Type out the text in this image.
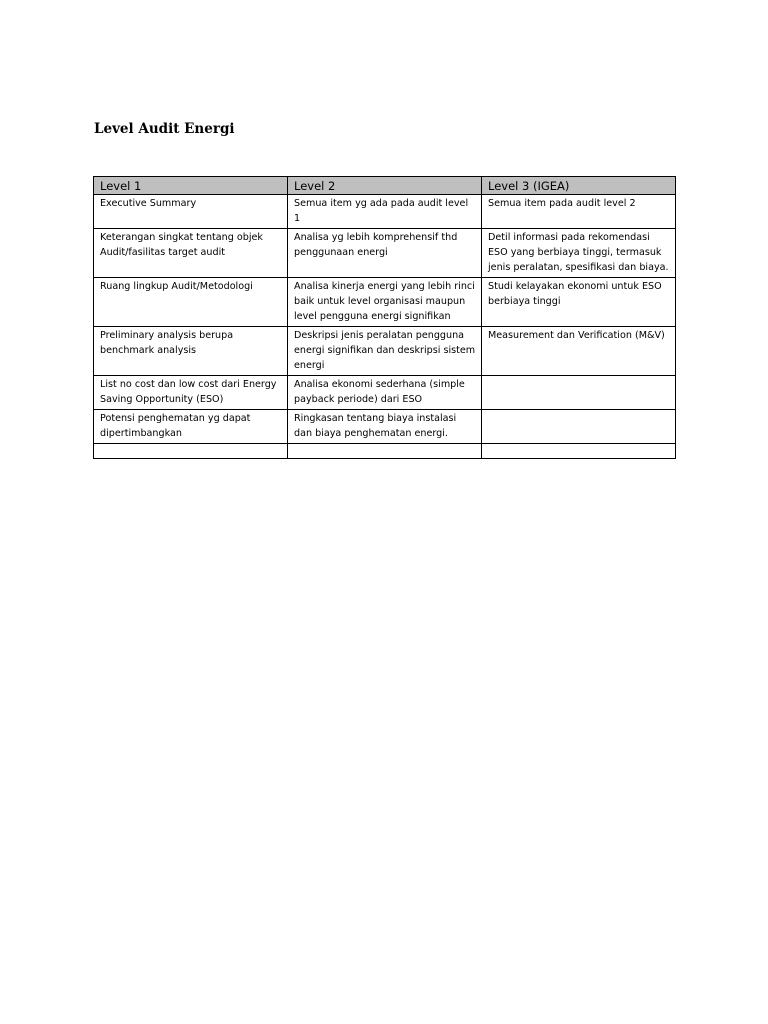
Level Audit Energi
Level 1	Level 2	Level 3 (IGEA)
Executive Summary	Semua item yg ada pada audit level 1	Semua item pada audit level 2
Keterangan singkat tentang objek Audit/fasilitas target audit	Analisa yg lebih komprehensif thd penggunaan energi	Detil informasi pada rekomendasi ESO yang berbiaya tinggi, termasuk jenis peralatan, spesifikasi dan biaya.
Ruang lingkup Audit/Metodologi	Analisa kinerja energi yang lebih rinci baik untuk level organisasi maupun level pengguna energi signifikan	Studi kelayakan ekonomi untuk ESO berbiaya tinggi
Preliminary analysis berupa benchmark analysis	Deskripsi jenis peralatan pengguna energi signifikan dan deskripsi sistem energi	Measurement dan Verification (M&V)
List no cost dan low cost dari Energy Saving Opportunity (ESO)	Analisa ekonomi sederhana (simple payback periode) dari ESO	
Potensi penghematan yg dapat dipertimbangkan	Ringkasan tentang biaya instalasi dan biaya penghematan energi.	
